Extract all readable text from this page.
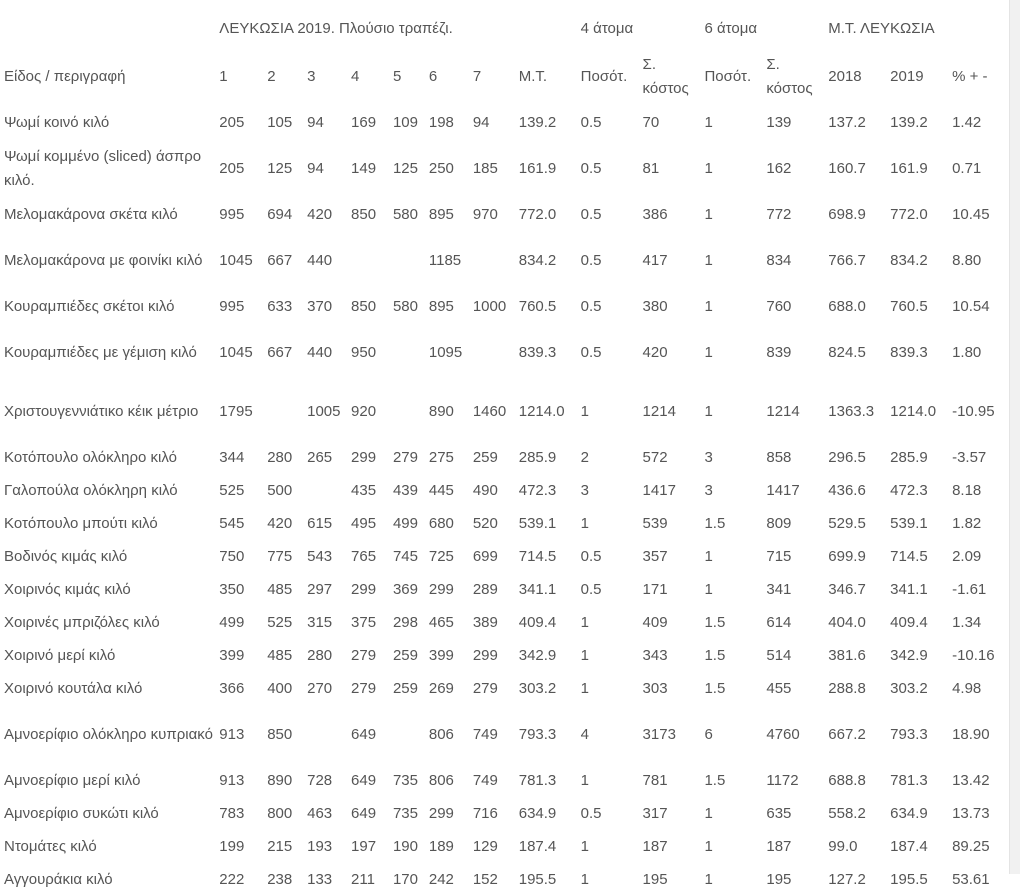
	ΛΕΥΚΩΣΙΑ 2019. Πλούσιο τραπέζι.								4 άτομα		6 άτομα		Μ.Τ. ΛΕΥΚΩΣΙΑ		
Είδος / περιγραφή	1	2	3	4	5	6	7	Μ.Τ.	Ποσότ.	Σ. κόστος	Ποσότ.	Σ. κόστος	2018	2019	% + -
Ψωμί κοινό κιλό	205	105	94	169	109	198	94	139.2	0.5	70	1	139	137.2	139.2	1.42
Ψωμί κομμένο (sliced) άσπρο κιλό.	205	125	94	149	125	250	185	161.9	0.5	81	1	162	160.7	161.9	0.71
Μελομακάρονα σκέτα κιλό	995	694	420	850	580	895	970	772.0	0.5	386	1	772	698.9	772.0	10.45
Μελομακάρονα με φοινίκι κιλό	1045	667	440			1185		834.2	0.5	417	1	834	766.7	834.2	8.80
Κουραμπιέδες σκέτοι κιλό	995	633	370	850	580	895	1000	760.5	0.5	380	1	760	688.0	760.5	10.54
Κουραμπιέδες με γέμιση κιλό	1045	667	440	950		1095		839.3	0.5	420	1	839	824.5	839.3	1.80
Χριστουγεννιάτικο κέικ μέτριο	1795		1005	920		890	1460	1214.0	1	1214	1	1214	1363.3	1214.0	-10.95
Κοτόπουλο ολόκληρο κιλό	344	280	265	299	279	275	259	285.9	2	572	3	858	296.5	285.9	-3.57
Γαλοπούλα ολόκληρη κιλό	525	500		435	439	445	490	472.3	3	1417	3	1417	436.6	472.3	8.18
Κοτόπουλο μπούτι κιλό	545	420	615	495	499	680	520	539.1	1	539	1.5	809	529.5	539.1	1.82
Βοδινός κιμάς κιλό	750	775	543	765	745	725	699	714.5	0.5	357	1	715	699.9	714.5	2.09
Χοιρινός κιμάς κιλό	350	485	297	299	369	299	289	341.1	0.5	171	1	341	346.7	341.1	-1.61
Χοιρινές μπριζόλες κιλό	499	525	315	375	298	465	389	409.4	1	409	1.5	614	404.0	409.4	1.34
Χοιρινό μερί κιλό	399	485	280	279	259	399	299	342.9	1	343	1.5	514	381.6	342.9	-10.16
Χοιρινό κουτάλα κιλό	366	400	270	279	259	269	279	303.2	1	303	1.5	455	288.8	303.2	4.98
Αμνοερίφιο ολόκληρο κυπριακό	913	850		649		806	749	793.3	4	3173	6	4760	667.2	793.3	18.90
Αμνοερίφιο μερί κιλό	913	890	728	649	735	806	749	781.3	1	781	1.5	1172	688.8	781.3	13.42
Αμνοερίφιο συκώτι κιλό	783	800	463	649	735	299	716	634.9	0.5	317	1	635	558.2	634.9	13.73
Ντομάτες κιλό	199	215	193	197	190	189	129	187.4	1	187	1	187	99.0	187.4	89.25
Αγγουράκια κιλό	222	238	133	211	170	242	152	195.5	1	195	1	195	127.2	195.5	53.61
